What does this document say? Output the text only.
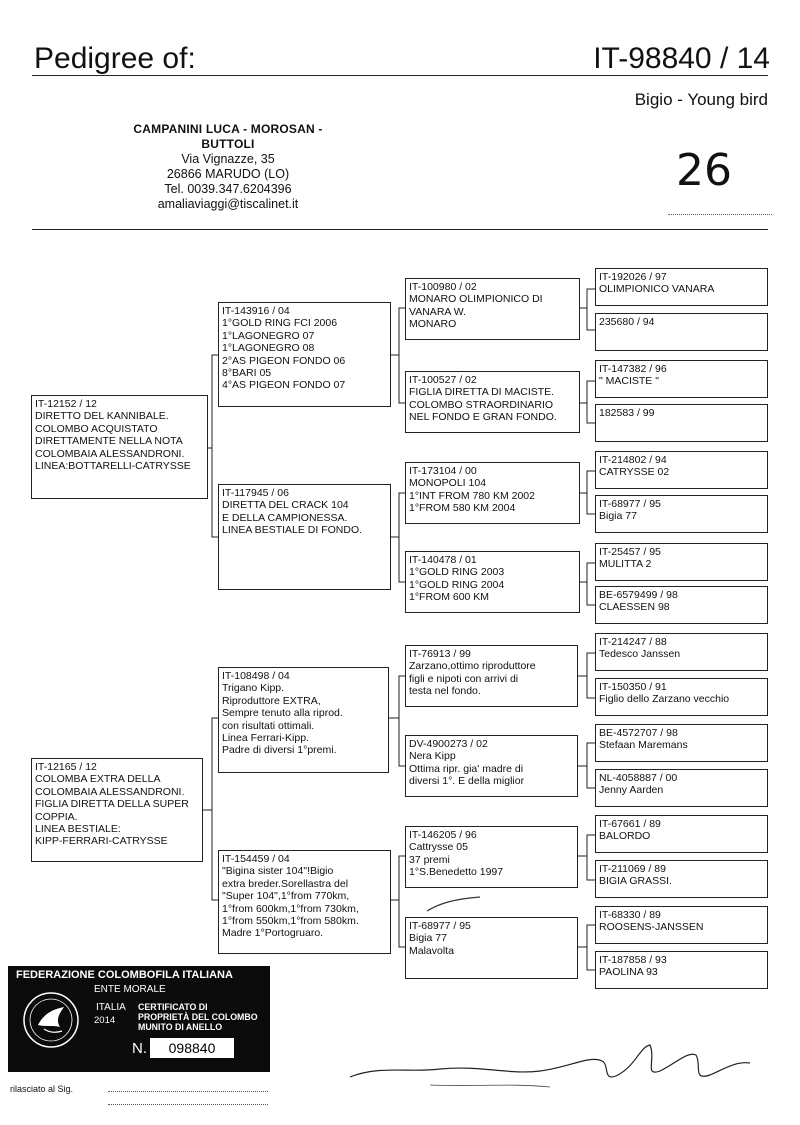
Pedigree of:	IT-98840 / 14
Bigio - Young bird
CAMPANINI LUCA - MOROSAN - BUTTOLI
Via Vignazze, 35
26866 MARUDO (LO)
Tel. 0039.347.6204396
amaliaviaggi@tiscalinet.it
26
IT-12152 / 12
DIRETTO DEL KANNIBALE.
COLOMBO ACQUISTATO
DIRETTAMENTE NELLA NOTA
COLOMBAIA ALESSANDRONI.
LINEA:BOTTARELLI-CATRYSSE
IT-12165 / 12
COLOMBA EXTRA DELLA
COLOMBAIA ALESSANDRONI.
FIGLIA DIRETTA DELLA SUPER
COPPIA.
LINEA BESTIALE:
KIPP-FERRARI-CATRYSSE
IT-143916 / 04
1°GOLD RING FCI 2006
1°LAGONEGRO 07
1°LAGONEGRO 08
2°AS PIGEON FONDO 06
8°BARI 05
4°AS PIGEON FONDO 07
IT-117945 / 06
DIRETTA DEL CRACK 104
E DELLA CAMPIONESSA.
LINEA BESTIALE DI FONDO.
IT-108498 / 04
Trigano Kipp.
Riproduttore EXTRA,
Sempre tenuto alla riprod.
con risultati ottimali.
Linea Ferrari-Kipp.
Padre di diversi 1°premi.
IT-154459 / 04
"Bigina sister 104"!Bigio
extra breder.Sorellastra del
"Super 104",1°from 770km,
1°from 600km,1°from 730km,
1°from 550km,1°from 580km.
Madre 1°Portogruaro.
IT-100980 / 02
MONARO OLIMPIONICO DI
VANARA W.
MONARO
IT-100527 / 02
FIGLIA DIRETTA DI MACISTE.
COLOMBO STRAORDINARIO
NEL FONDO E GRAN FONDO.
IT-173104 / 00
MONOPOLI 104
1°INT FROM 780 KM 2002
1°FROM 580 KM 2004
IT-140478 / 01
1°GOLD RING 2003
1°GOLD RING 2004
1°FROM 600 KM
IT-76913 / 99
Zarzano,ottimo riproduttore
figli e nipoti con arrivi di
testa nel fondo.
DV-4900273 / 02
Nera Kipp
Ottima ripr. gia' madre di
diversi 1°. E della miglior
IT-146205 / 96
Cattrysse 05
37 premi
1°S.Benedetto 1997
IT-68977 / 95
Bigia 77
Malavolta
IT-192026 / 97
OLIMPIONICO VANARA
235680 / 94
IT-147382 / 96
" MACISTE "
182583 / 99
IT-214802 / 94
CATRYSSE 02
IT-68977 / 95
Bigia 77
IT-25457 / 95
MULITTA 2
BE-6579499 / 98
CLAESSEN 98
IT-214247 / 88
Tedesco Janssen
IT-150350 / 91
Figlio dello Zarzano vecchio
BE-4572707 / 98
Stefaan Maremans
NL-4058887 / 00
Jenny Aarden
IT-67661 / 89
BALORDO
IT-211069 / 89
BIGIA GRASSI.
IT-68330 / 89
ROOSENS-JANSSEN
IT-187858 / 93
PAOLINA 93
FEDERAZIONE COLOMBOFILA ITALIANA
ENTE MORALE
ITALIA
2014
CERTIFICATO DI
PROPRIETÀ DEL COLOMBO
MUNITO DI ANELLO
N.	098840
rilasciato al Sig.
